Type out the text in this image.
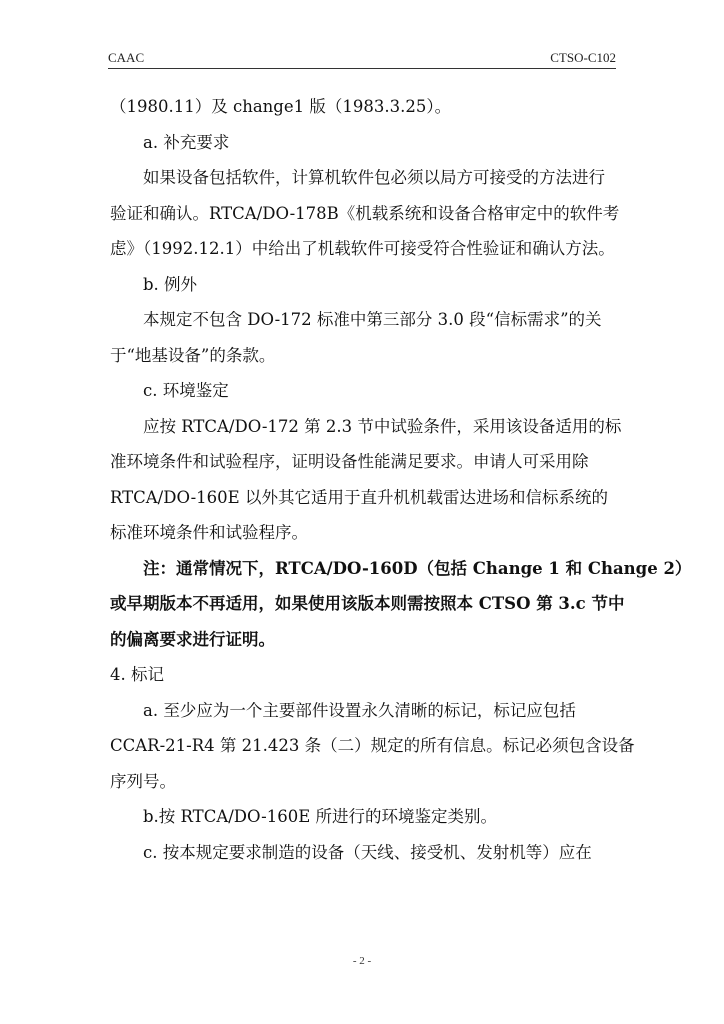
CAAC	CTSO-C102

（1980.11）及 change1 版（1983.3.25）。

a. 补充要求

如果设备包括软件，计算机软件包必须以局方可接受的方法进行

验证和确认。RTCA/DO-178B《机载系统和设备合格审定中的软件考

虑》（1992.12.1）中给出了机载软件可接受符合性验证和确认方法。

b. 例外

本规定不包含 DO-172 标准中第三部分 3.0 段“信标需求”的关

于“地基设备”的条款。

c. 环境鉴定

应按 RTCA/DO-172 第 2.3 节中试验条件，采用该设备适用的标

准环境条件和试验程序，证明设备性能满足要求。申请人可采用除

RTCA/DO-160E 以外其它适用于直升机机载雷达进场和信标系统的

标准环境条件和试验程序。

注：通常情况下，RTCA/DO-160D（包括 Change 1 和 Change 2）

或早期版本不再适用，如果使用该版本则需按照本 CTSO 第 3.c 节中

的偏离要求进行证明。

4. 标记

a. 至少应为一个主要部件设置永久清晰的标记，标记应包括

CCAR-21-R4 第 21.423 条（二）规定的所有信息。标记必须包含设备

序列号。

b.按 RTCA/DO-160E 所进行的环境鉴定类别。

c. 按本规定要求制造的设备（天线、接受机、发射机等）应在

- 2 -
